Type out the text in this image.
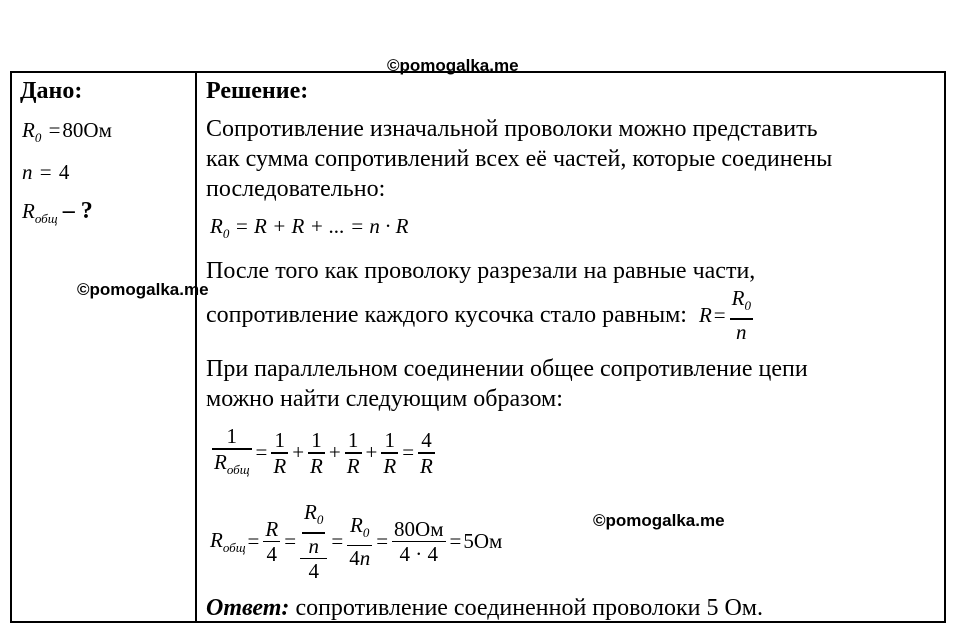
©pomogalka.me
©pomogalka.me
©pomogalka.me
Дано:
$R_0 =80Ом$
n = 4
$R_{общ}$ – ?
Решение:
Сопротивление изначальной проволоки можно представить
как сумма сопротивлений всех её частей, которые соединены
последовательно:
$R_0 = R + R$ + ... = n · R
После того как проволоку разрезали на равные части,
сопротивление каждого кусочка стало равным: $R = \frac{R_0}{n}$
При параллельном соединении общее сопротивление цепи
можно найти следующим образом:
$\frac{1}{R_{общ}} = \frac{1}{R} + \frac{1}{R} + \frac{1}{R} + \frac{1}{R} = \frac{4}{R}$
$R_{общ} = \frac{R}{4} = \frac{\frac{R_0}{n}}{4} = \frac{R_0}{4n} = \frac{80Ом}{4 \cdot 4} = 5Ом$
Ответ: сопротивление соединенной проволоки 5 Ом.
